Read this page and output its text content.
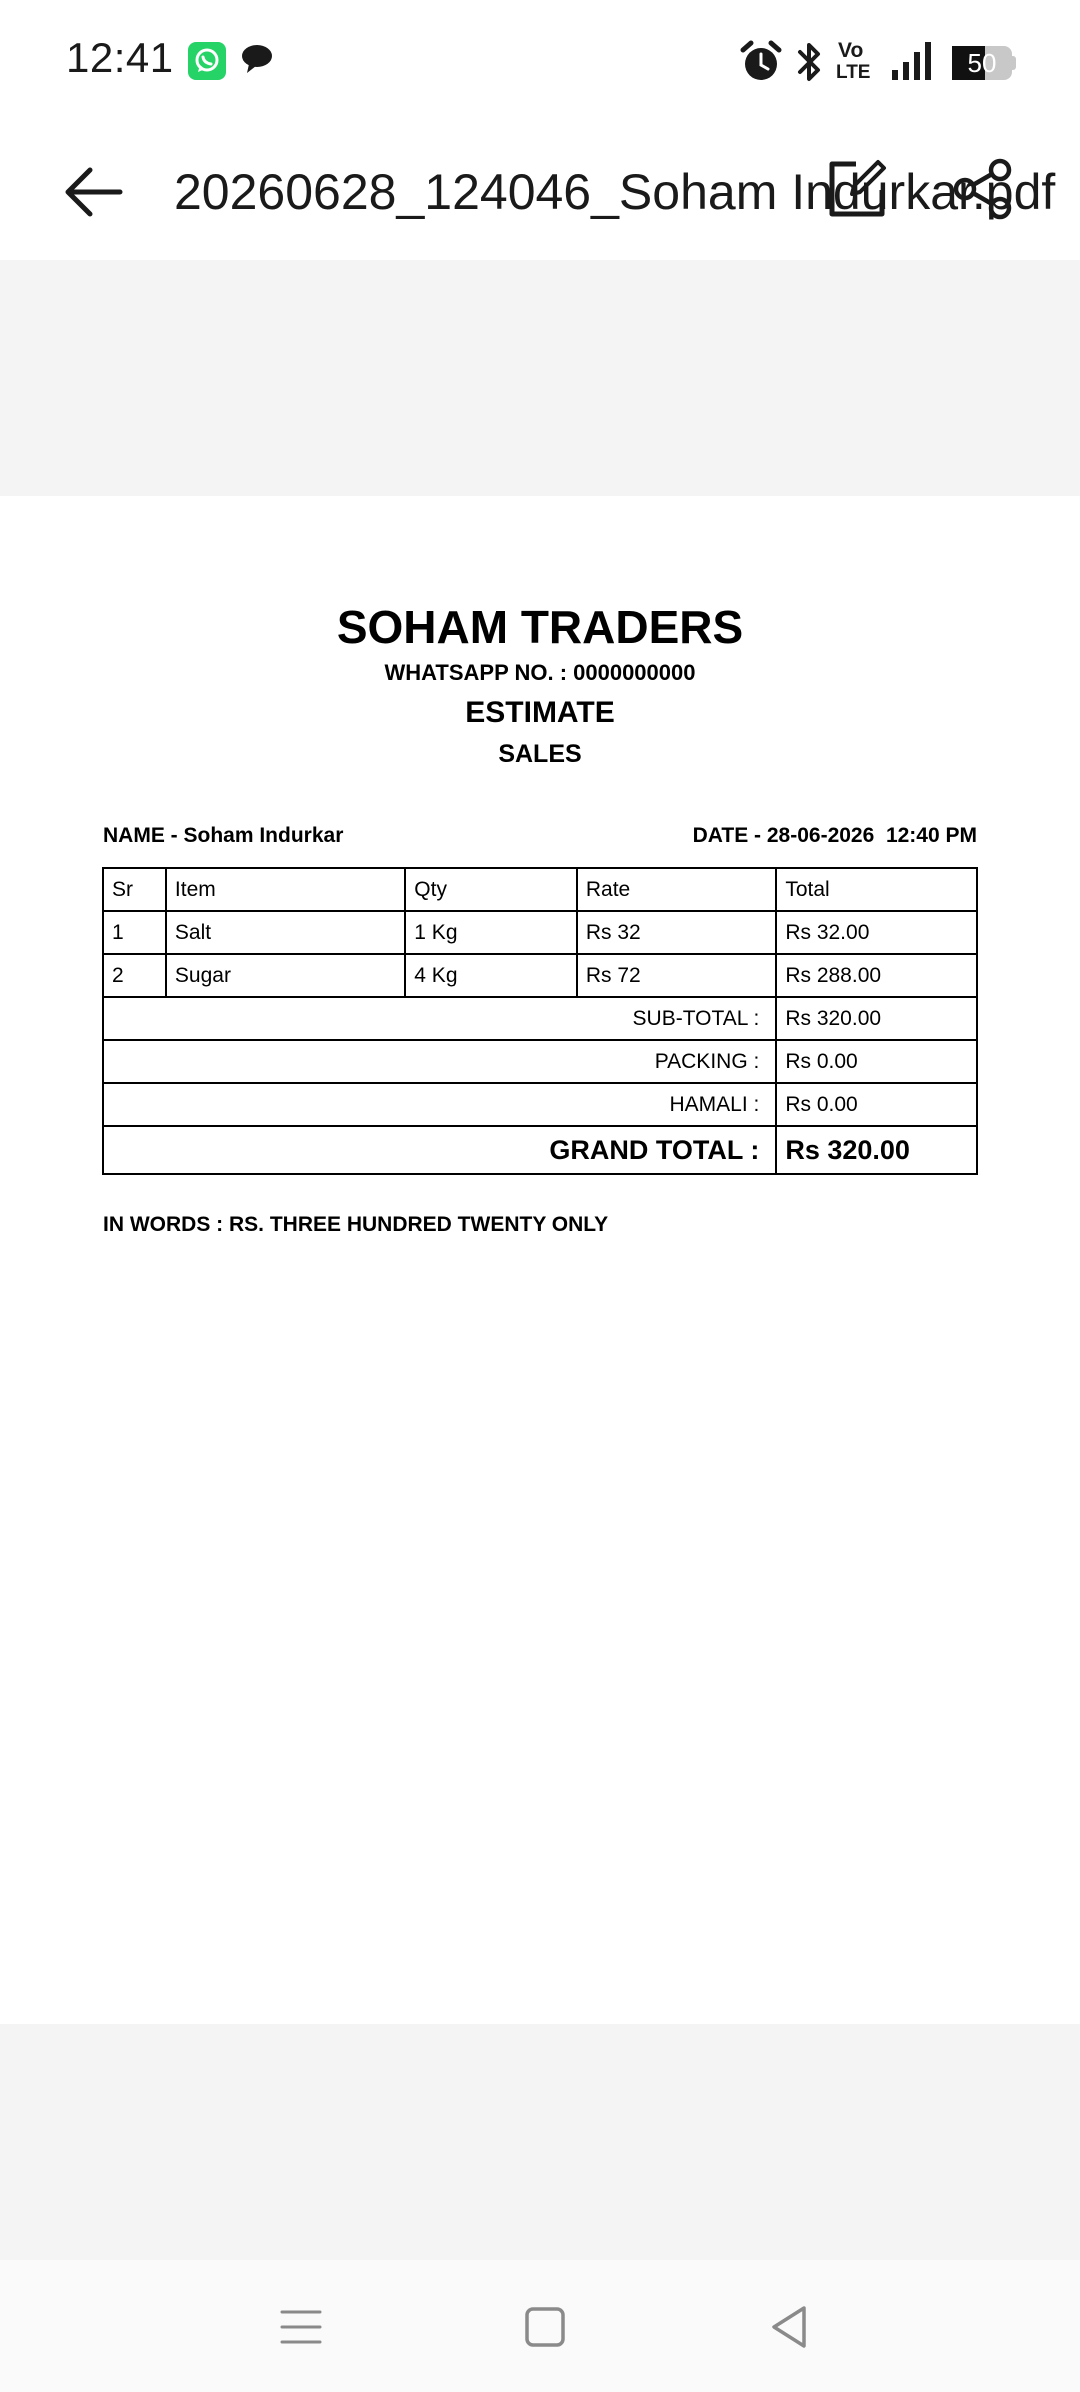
12:41	Vo
LTE	50
20260628_124046_Soham Indurkar.pdf
SOHAM TRADERS
WHATSAPP NO. : 0000000000
ESTIMATE
SALES
NAME - Soham Indurkar	DATE - 28-06-2026  12:40 PM
Sr	Item	Qty	Rate	Total
1	Salt	1 Kg	Rs 32	Rs 32.00
2	Sugar	4 Kg	Rs 72	Rs 288.00
SUB-TOTAL :				Rs 320.00
PACKING :				Rs 0.00
HAMALI :				Rs 0.00
GRAND TOTAL :				Rs 320.00
IN WORDS : RS. THREE HUNDRED TWENTY ONLY
